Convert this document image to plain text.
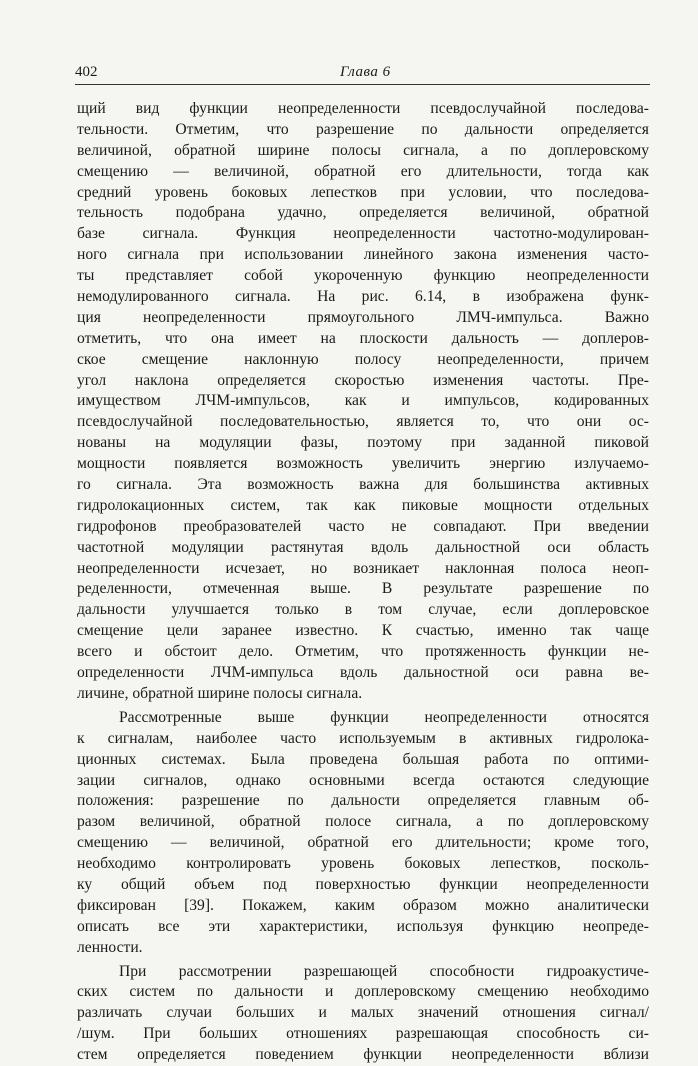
402	Глава 6
щий вид функции неопределенности псевдослучайной последова-
тельности. Отметим, что разрешение по дальности определяется
величиной, обратной ширине полосы сигнала, а по доплеровскому
смещению — величиной, обратной его длительности, тогда как
средний уровень боковых лепестков при условии, что последова-
тельность подобрана удачно, определяется величиной, обратной
базе сигнала. Функция неопределенности частотно-модулирован-
ного сигнала при использовании линейного закона изменения часто-
ты представляет собой укороченную функцию неопределенности
немодулированного сигнала. На рис. 6.14, в изображена функ-
ция неопределенности прямоугольного ЛМЧ-импульса. Важно
отметить, что она имеет на плоскости дальность — доплеров-
ское смещение наклонную полосу неопределенности, причем
угол наклона определяется скоростью изменения частоты. Пре-
имуществом ЛЧМ-импульсов, как и импульсов, кодированных
псевдослучайной последовательностью, является то, что они ос-
нованы на модуляции фазы, поэтому при заданной пиковой
мощности появляется возможность увеличить энергию излучаемо-
го сигнала. Эта возможность важна для большинства активных
гидролокационных систем, так как пиковые мощности отдельных
гидрофонов преобразователей часто не совпадают. При введении
частотной модуляции растянутая вдоль дальностной оси область
неопределенности исчезает, но возникает наклонная полоса неоп-
ределенности, отмеченная выше. В результате разрешение по
дальности улучшается только в том случае, если доплеровское
смещение цели заранее известно. К счастью, именно так чаще
всего и обстоит дело. Отметим, что протяженность функции не-
определенности ЛЧМ-импульса вдоль дальностной оси равна ве-
личине, обратной ширине полосы сигнала.
Рассмотренные выше функции неопределенности относятся
к сигналам, наиболее часто используемым в активных гидролока-
ционных системах. Была проведена большая работа по оптими-
зации сигналов, однако основными всегда остаются следующие
положения: разрешение по дальности определяется главным об-
разом величиной, обратной полосе сигнала, а по доплеровскому
смещению — величиной, обратной его длительности; кроме того,
необходимо контролировать уровень боковых лепестков, посколь-
ку общий объем под поверхностью функции неопределенности
фиксирован [39]. Покажем, каким образом можно аналитически
описать все эти характеристики, используя функцию неопреде-
ленности.
При рассмотрении разрешающей способности гидроакустиче-
ских систем по дальности и доплеровскому смещению необходимо
различать случаи больших и малых значений отношения сигнал/
/шум. При больших отношениях разрешающая способность си-
стем определяется поведением функции неопределенности вблизи
